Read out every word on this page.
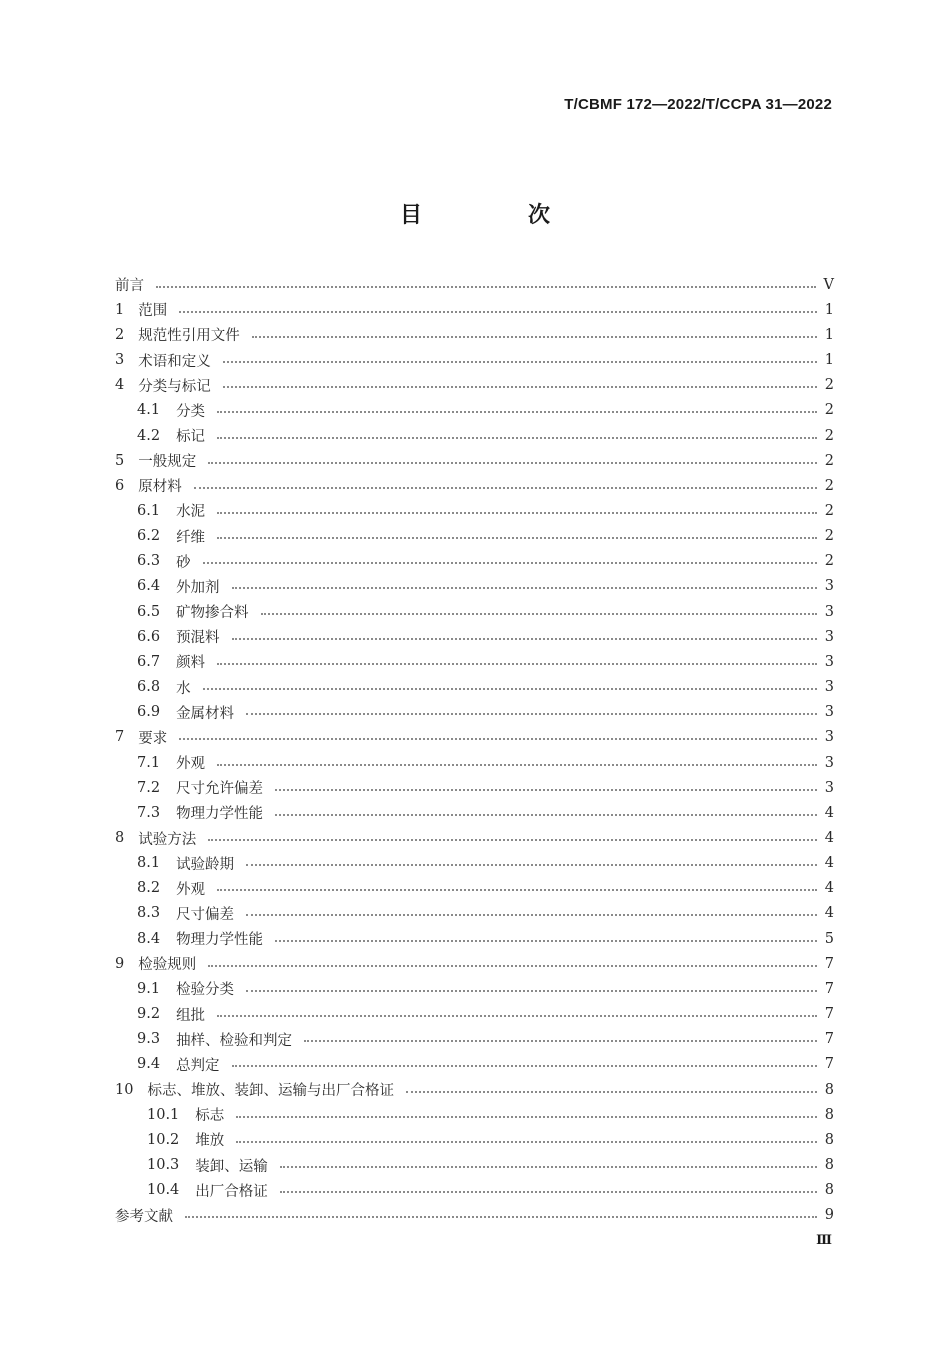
T/CBMF 172—2022/T/CCPA 31—2022
目　次
前言	V
1 范围	1
2 规范性引用文件	1
3 术语和定义	1
4 分类与标记	2
4.1 分类	2
4.2 标记	2
5 一般规定	2
6 原材料	2
6.1 水泥	2
6.2 纤维	2
6.3 砂	2
6.4 外加剂	3
6.5 矿物掺合料	3
6.6 预混料	3
6.7 颜料	3
6.8 水	3
6.9 金属材料	3
7 要求	3
7.1 外观	3
7.2 尺寸允许偏差	3
7.3 物理力学性能	4
8 试验方法	4
8.1 试验龄期	4
8.2 外观	4
8.3 尺寸偏差	4
8.4 物理力学性能	5
9 检验规则	7
9.1 检验分类	7
9.2 组批	7
9.3 抽样、检验和判定	7
9.4 总判定	7
10 标志、堆放、装卸、运输与出厂合格证	8
10.1 标志	8
10.2 堆放	8
10.3 装卸、运输	8
10.4 出厂合格证	8
参考文献	9
Ⅲ
